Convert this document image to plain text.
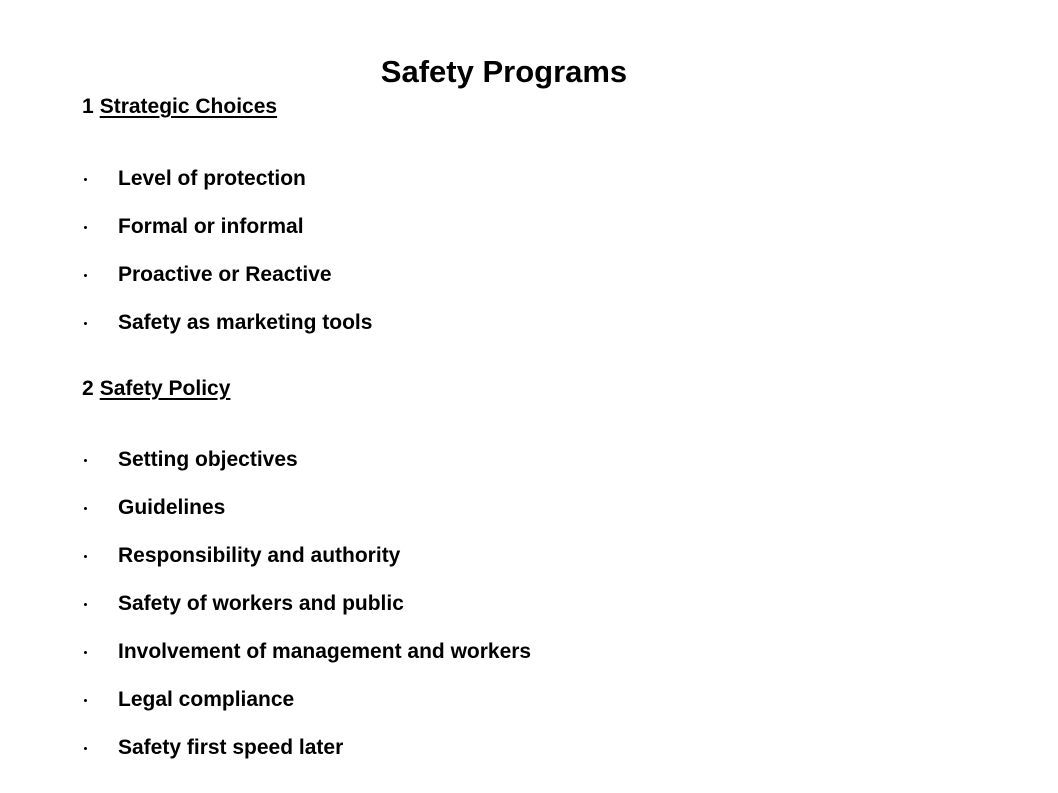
Safety Programs
1 Strategic Choices
Level of protection
Formal or informal
Proactive or Reactive
Safety as marketing tools
2 Safety Policy
Setting objectives
Guidelines
Responsibility and authority
Safety of workers and public
Involvement of management and workers
Legal compliance
Safety first speed later
